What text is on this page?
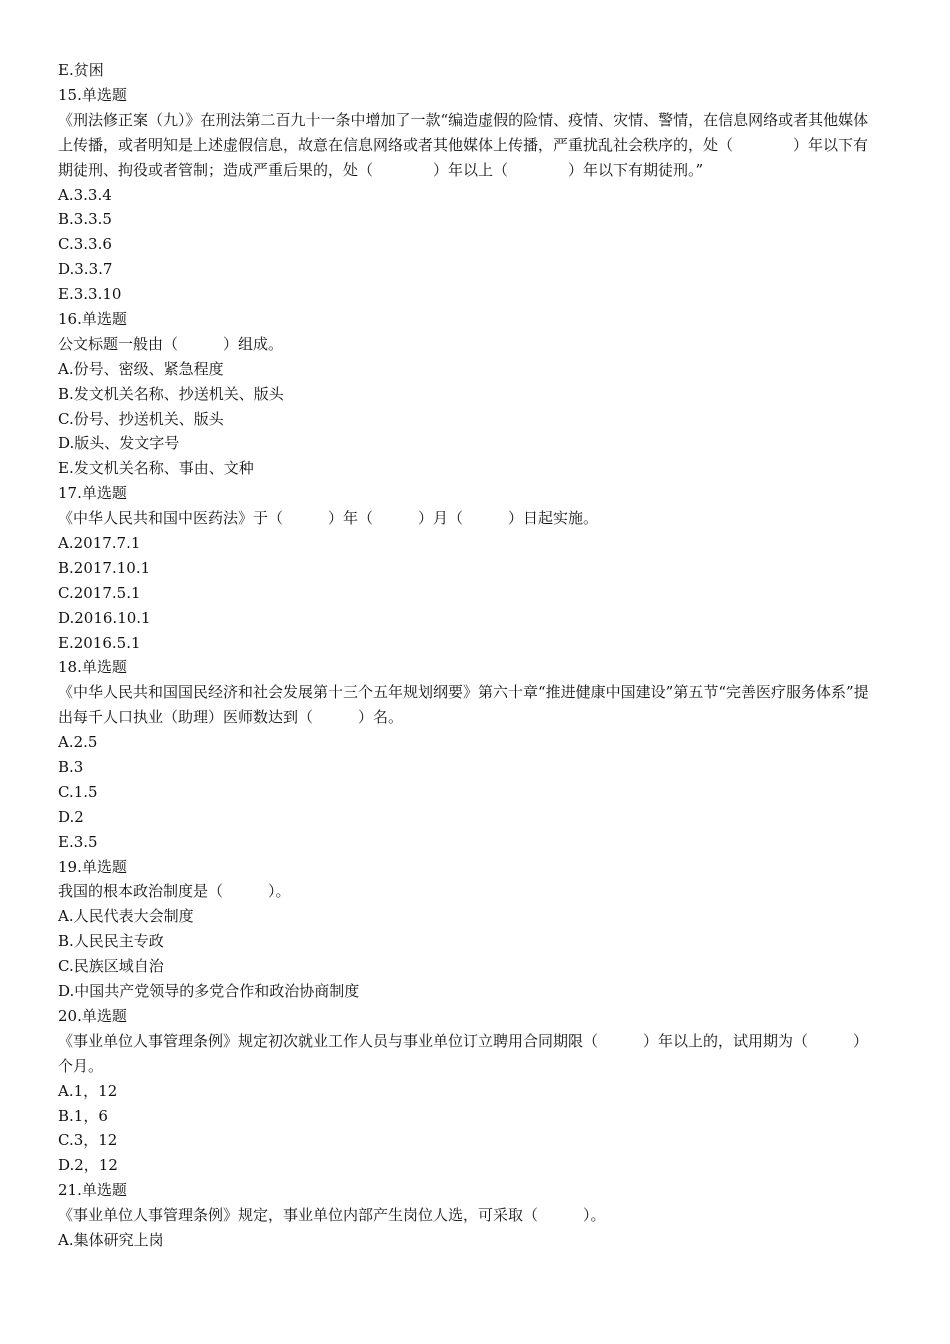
E.贫困
15.单选题
《刑法修正案（九）》在刑法第二百九十一条中增加了一款“编造虚假的险情、疫情、灾情、警情，在信息网络或者其他媒体上传播，或者明知是上述虚假信息，故意在信息网络或者其他媒体上传播，严重扰乱社会秩序的，处（　　　　）年以下有期徒刑、拘役或者管制；造成严重后果的，处（　　　　）年以上（　　　　）年以下有期徒刑。”
A.3.3.4
B.3.3.5
C.3.3.6
D.3.3.7
E.3.3.10
16.单选题
公文标题一般由（　　　）组成。
A.份号、密级、紧急程度
B.发文机关名称、抄送机关、版头
C.份号、抄送机关、版头
D.版头、发文字号
E.发文机关名称、事由、文种
17.单选题
《中华人民共和国中医药法》于（　　　）年（　　　）月（　　　）日起实施。
A.2017.7.1
B.2017.10.1
C.2017.5.1
D.2016.10.1
E.2016.5.1
18.单选题
《中华人民共和国国民经济和社会发展第十三个五年规划纲要》第六十章“推进健康中国建设”第五节“完善医疗服务体系”提出每千人口执业（助理）医师数达到（　　　）名。
A.2.5
B.3
C.1.5
D.2
E.3.5
19.单选题
我国的根本政治制度是（　　　）。
A.人民代表大会制度
B.人民民主专政
C.民族区域自治
D.中国共产党领导的多党合作和政治协商制度
20.单选题
《事业单位人事管理条例》规定初次就业工作人员与事业单位订立聘用合同期限（　　　）年以上的，试用期为（　　　）个月。
A.1，12
B.1，6
C.3，12
D.2，12
21.单选题
《事业单位人事管理条例》规定，事业单位内部产生岗位人选，可采取（　　　）。
A.集体研究上岗
